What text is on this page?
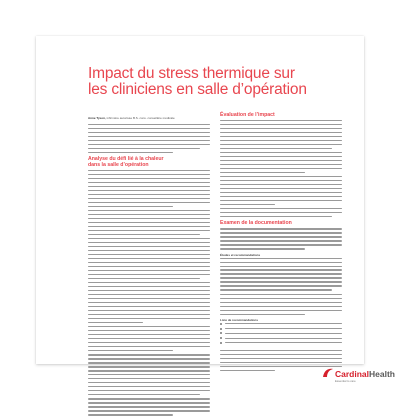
Impact du stress thermique sur
les cliniciens en salle d’opération
Anne Tyson, infirmière autorisée B.S. cons. conseillère médicale
Analyse du défi lié à la chaleur
dans la salle d’opération
Évaluation de l’impact
Examen de la documentation
Études et recommandations
Liste de recommandations
CardinalHealth
Essential to care
